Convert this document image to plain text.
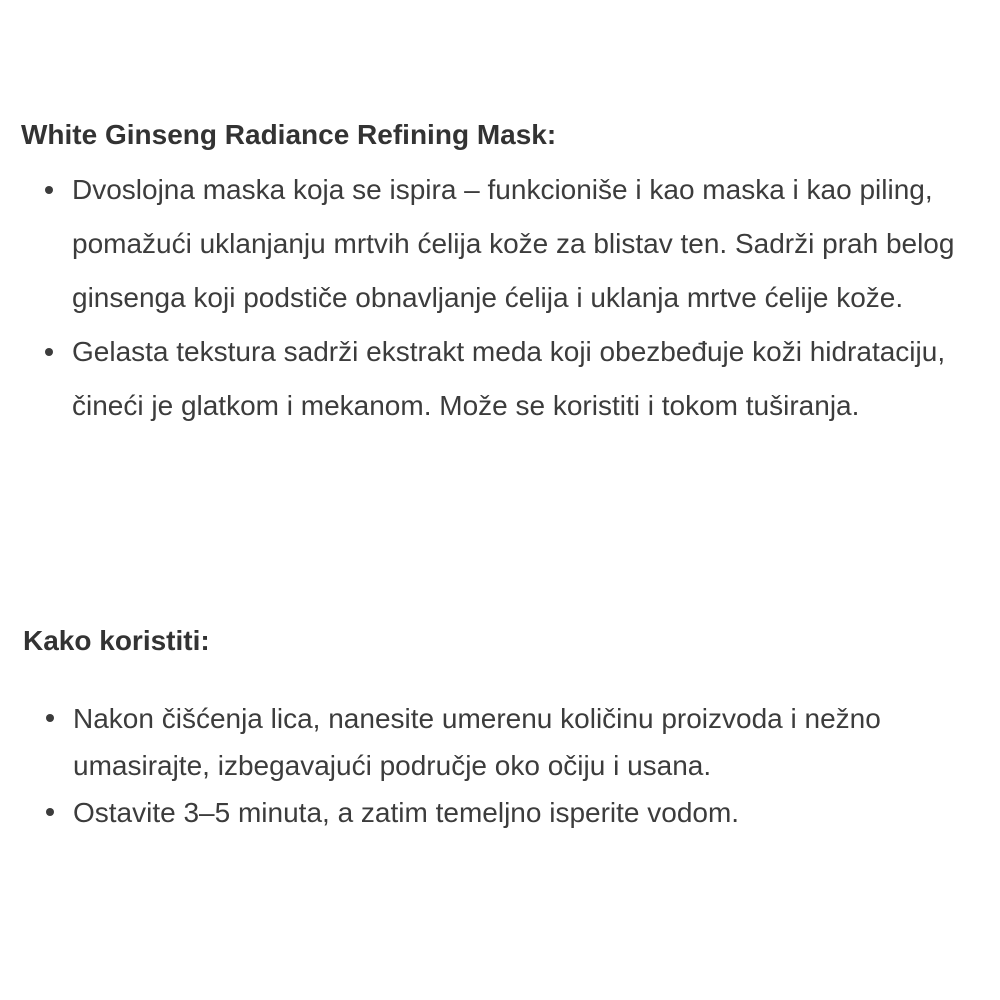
White Ginseng Radiance Refining Mask:
Dvoslojna maska koja se ispira – funkcioniše i kao maska i kao piling, pomažući uklanjanju mrtvih ćelija kože za blistav ten. Sadrži prah belog ginsenga koji podstiče obnavljanje ćelija i uklanja mrtve ćelije kože.
Gelasta tekstura sadrži ekstrakt meda koji obezbeđuje koži hidrataciju, čineći je glatkom i mekanom. Može se koristiti i tokom tuširanja.
Kako koristiti:
Nakon čišćenja lica, nanesite umerenu količinu proizvoda i nežno umasirajte, izbegavajući područje oko očiju i usana.
Ostavite 3–5 minuta, a zatim temeljno isperite vodom.
